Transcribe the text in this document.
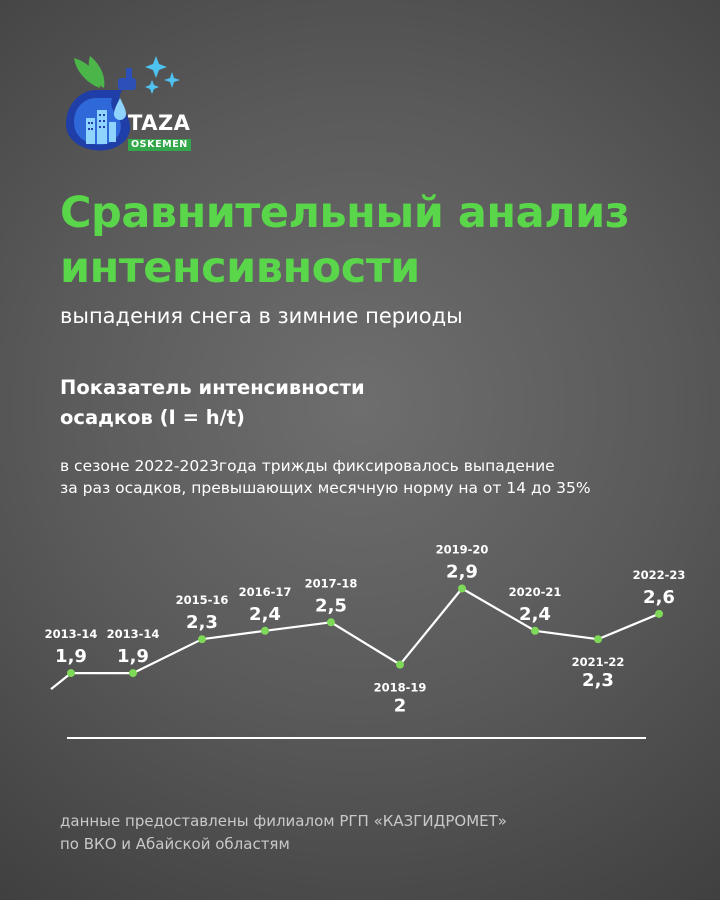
TAZA
OSKEMEN
Сравнительный анализ
интенсивности
выпадения снега в зимние периоды
Показатель интенсивности
осадков (I = h/t)
в сезоне 2022-2023года трижды фиксировалось выпадение
за раз осадков, превышающих месячную норму на от 14 до 35%
2013-14
1,9
2013-14
1,9
2015-16
2,3
2016-17
2,4
2017-18
2,5
2018-19
2
2019-20
2,9
2020-21
2,4
2021-22
2,3
2022-23
2,6
данные предоставлены филиалом РГП «КАЗГИДРОМЕТ»
по ВКО и Абайской областям
